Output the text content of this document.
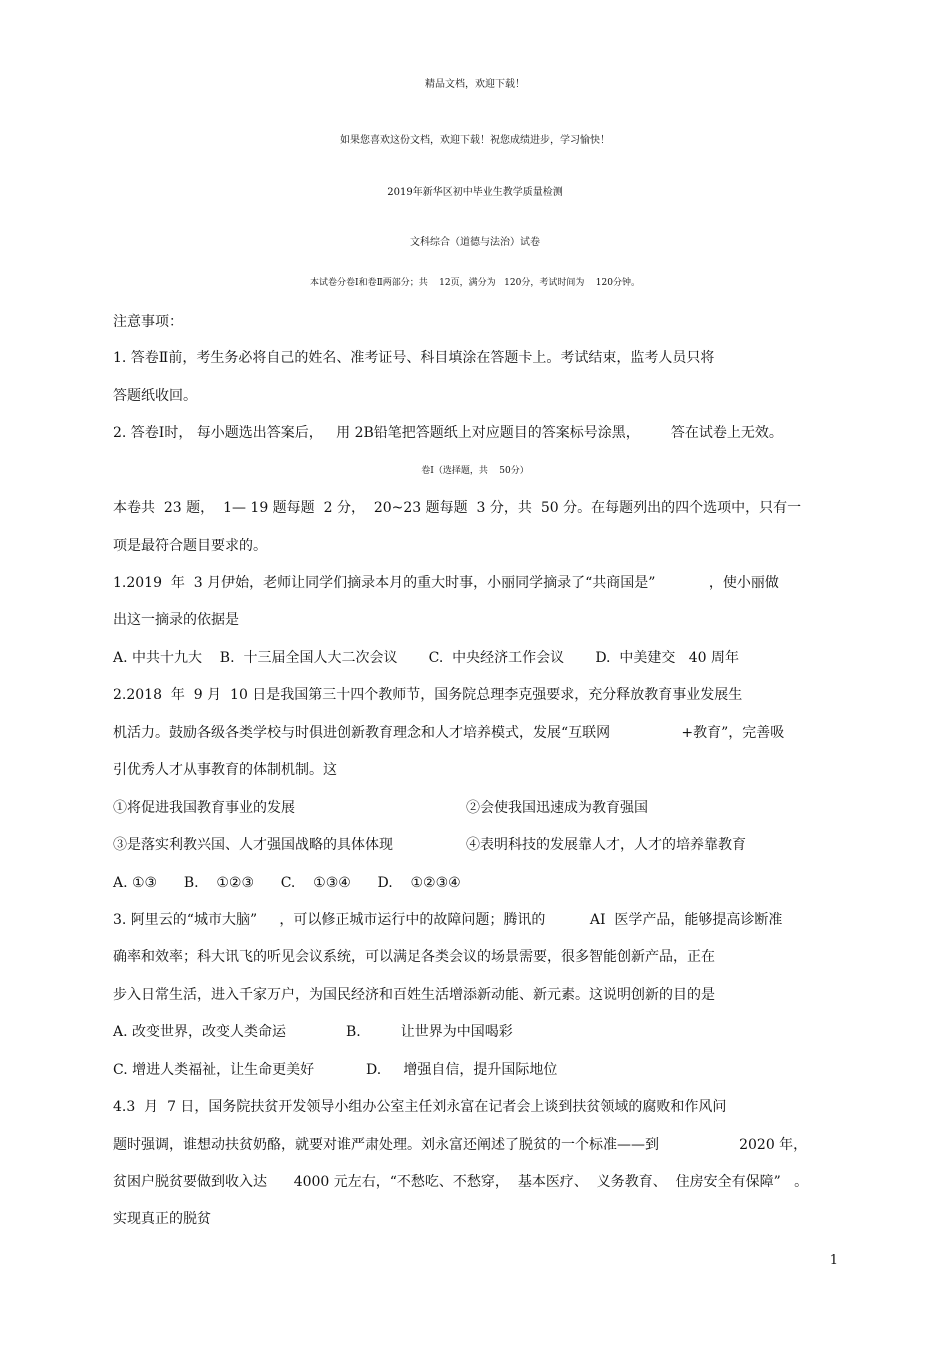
精品文档，欢迎下载！
如果您喜欢这份文档，欢迎下载！祝您成绩进步，学习愉快！
2019年新华区初中毕业生教学质量检测
文科综合（道德与法治）试卷
本试卷分卷Ⅰ和卷Ⅱ两部分；共    12页，满分为   120分，考试时间为    120分钟。
注意事项：
1. 答卷Ⅱ前，考生务必将自己的姓名、准考证号、科目填涂在答题卡上。考试结束，监考人员只将
答题纸收回。
2. 答卷Ⅰ时， 每小题选出答案后，   用 2B铅笔把答题纸上对应题目的答案标号涂黑，       答在试卷上无效。
卷Ⅰ（选择题，共    50分）
本卷共  23 题，  1— 19 题每题  2 分，  20~23 题每题  3 分，共  50 分。在每题列出的四个选项中，只有一
项是最符合题目要求的。
1.2019  年  3 月伊始，老师让同学们摘录本月的重大时事，小丽同学摘录了“共商国是”            ，使小丽做
出这一摘录的依据是
A. 中共十九大    B.  十三届全国人大二次会议       C.  中央经济工作会议       D.  中美建交   40 周年
2.2018  年  9 月  10 日是我国第三十四个教师节，国务院总理李克强要求，充分释放教育事业发展生
机活力。鼓励各级各类学校与时俱进创新教育理念和人才培养模式，发展“互联网                +教育”，完善吸
引优秀人才从事教育的体制机制。这
①将促进我国教育事业的发展	②会使我国迅速成为教育强国
③是落实利教兴国、人才强国战略的具体体现	④表明科技的发展靠人才，人才的培养靠教育
A. ①③      B.    ①②③      C.    ①③④      D.    ①②③④
3. 阿里云的“城市大脑”     ，可以修正城市运行中的故障问题；腾讯的          AI  医学产品，能够提高诊断准
确率和效率；科大讯飞的听见会议系统，可以满足各类会议的场景需要，很多智能创新产品，正在
步入日常生活，进入千家万户，为国民经济和百姓生活增添新动能、新元素。这说明创新的目的是
A. 改变世界，改变人类命运	B.         让世界为中国喝彩
C. 增进人类福祉，让生命更美好	D.     增强自信，提升国际地位
4.3  月  7 日，国务院扶贫开发领导小组办公室主任刘永富在记者会上谈到扶贫领域的腐败和作风问
题时强调，谁想动扶贫奶酪，就要对谁严肃处理。刘永富还阐述了脱贫的一个标准——到                  2020 年，
贫困户脱贫要做到收入达      4000 元左右，“不愁吃、不愁穿，  基本医疗、  义务教育、  住房安全有保障”   。
实现真正的脱贫
1
